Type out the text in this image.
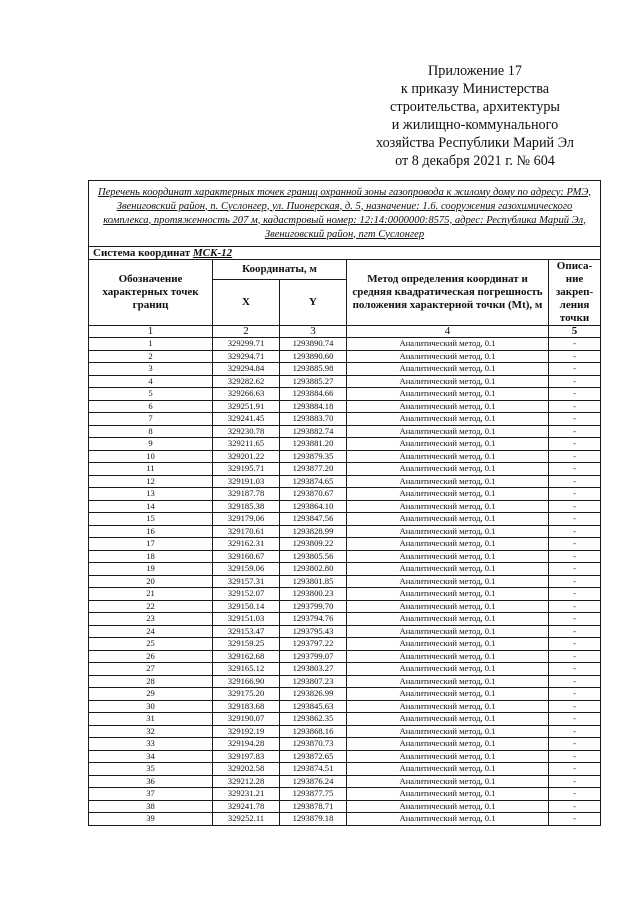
Приложение 17
к приказу Министерства
строительства, архитектуры
и жилищно-коммунального
хозяйства Республики Марий Эл
от 8 декабря 2021 г. № 604
Перечень координат характерных точек границ охранной зоны газопровода к жилому дому по адресу: РМЭ, Звениговский район, п. Суслонгер, ул. Пионерская, д. 5, назначение: 1.6. сооружения газохимического комплекса, протяженность 207 м, кадастровый номер: 12:14:0000000:8575, адрес: Республика Марий Эл, Звениговский район, пгт Суслонгер				
Система координат МСК-12				
Обозначение характерных точек границ	Координаты, м		Метод определения координат и средняя квадратическая погрешность положения характерной точки (Mt), м	Описа-ние закреп-ления точки
	X	Y		
1	2	3	4	5
1	329299.71	1293890.74	Аналитический метод, 0.1	-
2	329294.71	1293890.60	Аналитический метод, 0.1	-
3	329294.84	1293885.98	Аналитический метод, 0.1	-
4	329282.62	1293885.27	Аналитический метод, 0.1	-
5	329266.63	1293884.66	Аналитический метод, 0.1	-
6	329251.91	1293884.18	Аналитический метод, 0.1	-
7	329241.45	1293883.70	Аналитический метод, 0.1	-
8	329230.78	1293882.74	Аналитический метод, 0.1	-
9	329211.65	1293881.20	Аналитический метод, 0.1	-
10	329201.22	1293879.35	Аналитический метод, 0.1	-
11	329195.71	1293877.20	Аналитический метод, 0.1	-
12	329191.03	1293874.65	Аналитический метод, 0.1	-
13	329187.78	1293870.67	Аналитический метод, 0.1	-
14	329185.38	1293864.10	Аналитический метод, 0.1	-
15	329179.06	1293847.56	Аналитический метод, 0.1	-
16	329170.61	1293828.99	Аналитический метод, 0.1	-
17	329162.31	1293809.22	Аналитический метод, 0.1	-
18	329160.67	1293805.56	Аналитический метод, 0.1	-
19	329159.06	1293802.80	Аналитический метод, 0.1	-
20	329157.31	1293801.85	Аналитический метод, 0.1	-
21	329152.07	1293800.23	Аналитический метод, 0.1	-
22	329150.14	1293799.70	Аналитический метод, 0.1	-
23	329151.03	1293794.76	Аналитический метод, 0.1	-
24	329153.47	1293795.43	Аналитический метод, 0.1	-
25	329159.25	1293797.22	Аналитический метод, 0.1	-
26	329162.68	1293799.07	Аналитический метод, 0.1	-
27	329165.12	1293803.27	Аналитический метод, 0.1	-
28	329166.90	1293807.23	Аналитический метод, 0.1	-
29	329175.20	1293826.99	Аналитический метод, 0.1	-
30	329183.68	1293845.63	Аналитический метод, 0.1	-
31	329190.07	1293862.35	Аналитический метод, 0.1	-
32	329192.19	1293868.16	Аналитический метод, 0.1	-
33	329194.28	1293870.73	Аналитический метод, 0.1	-
34	329197.83	1293872.65	Аналитический метод, 0.1	-
35	329202.58	1293874.51	Аналитический метод, 0.1	-
36	329212.28	1293876.24	Аналитический метод, 0.1	-
37	329231.21	1293877.75	Аналитический метод, 0.1	-
38	329241.78	1293878.71	Аналитический метод, 0.1	-
39	329252.11	1293879.18	Аналитический метод, 0.1	-
